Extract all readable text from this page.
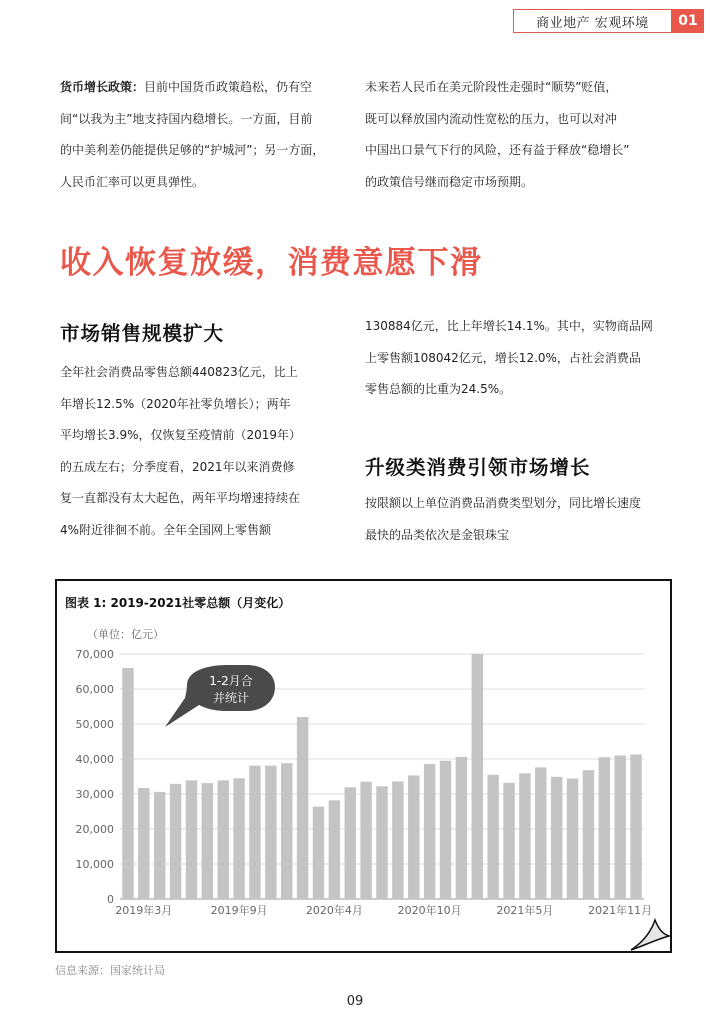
商业地产 宏观环境	01
货币增长政策：目前中国货币政策趋松，仍有空
间“以我为主”地支持国内稳增长。一方面，目前
的中美利差仍能提供足够的“护城河”；另一方面，
人民币汇率可以更具弹性。
未来若人民币在美元阶段性走强时“顺势”贬值，
既可以释放国内流动性宽松的压力，也可以对冲
中国出口景气下行的风险，还有益于释放“稳增长”
的政策信号继而稳定市场预期。
收入恢复放缓，消费意愿下滑
市场销售规模扩大
全年社会消费品零售总额440823亿元，比上
年增长12.5%（2020年社零负增长）；两年
平均增长3.9%，仅恢复至疫情前（2019年）
的五成左右；分季度看，2021年以来消费修
复一直都没有太大起色，两年平均增速持续在
4%附近徘徊不前。全年全国网上零售额
130884亿元，比上年增长14.1%。其中，实物商品网
上零售额108042亿元，增长12.0%，占社会消费品
零售总额的比重为24.5%。
升级类消费引领市场增长
按限额以上单位消费品消费类型划分，同比增长速度
最快的品类依次是金银珠宝
图表 1: 2019-2021社零总额（月变化）
（单位：亿元）
0
10,000
20,000
30,000
40,000
50,000
60,000
70,000
2019年3月	2019年9月	2020年4月	2020年10月	2021年5月	2021年11月
1-2月合
并统计
信息来源：国家统计局
09
